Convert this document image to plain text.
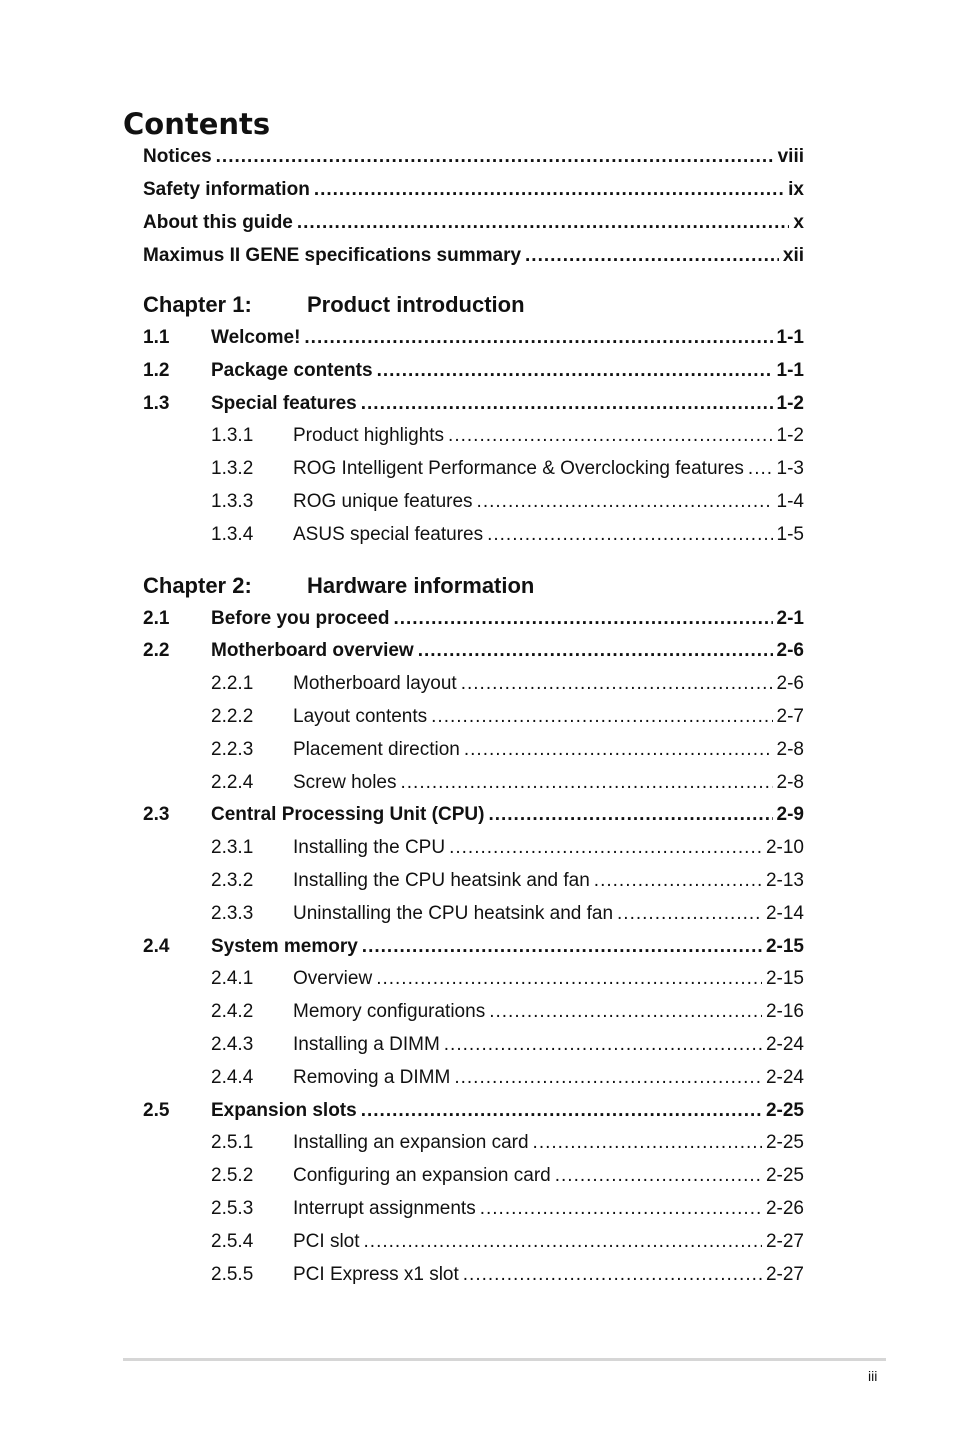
Contents
Notices .....	viii
Safety information .....	ix
About this guide .....	x
Maximus II GENE specifications summary .....	xii
Chapter 1:	Product introduction
1.1	Welcome! .....	1-1
1.2	Package contents .....	1-1
1.3	Special features .....	1-2
1.3.1	Product highlights .....	1-2
1.3.2	ROG Intelligent Performance & Overclocking features ..... 1-3
1.3.3	ROG unique features .....	1-4
1.3.4	ASUS special features .....	1-5
Chapter 2:	Hardware information
2.1	Before you proceed .....	2-1
2.2	Motherboard overview .....	2-6
2.2.1	Motherboard layout .....	2-6
2.2.2	Layout contents .....	2-7
2.2.3	Placement direction .....	2-8
2.2.4	Screw holes .....	2-8
2.3	Central Processing Unit (CPU) .....	2-9
2.3.1	Installing the CPU .....	2-10
2.3.2	Installing the CPU heatsink and fan .....	2-13
2.3.3	Uninstalling the CPU heatsink and fan .....	2-14
2.4	System memory .....	2-15
2.4.1	Overview .....	2-15
2.4.2	Memory configurations .....	2-16
2.4.3	Installing a DIMM .....	2-24
2.4.4	Removing a DIMM .....	2-24
2.5	Expansion slots .....	2-25
2.5.1	Installing an expansion card .....	2-25
2.5.2	Configuring an expansion card .....	2-25
2.5.3	Interrupt assignments .....	2-26
2.5.4	PCI slot .....	2-27
2.5.5	PCI Express x1 slot .....	2-27
iii
